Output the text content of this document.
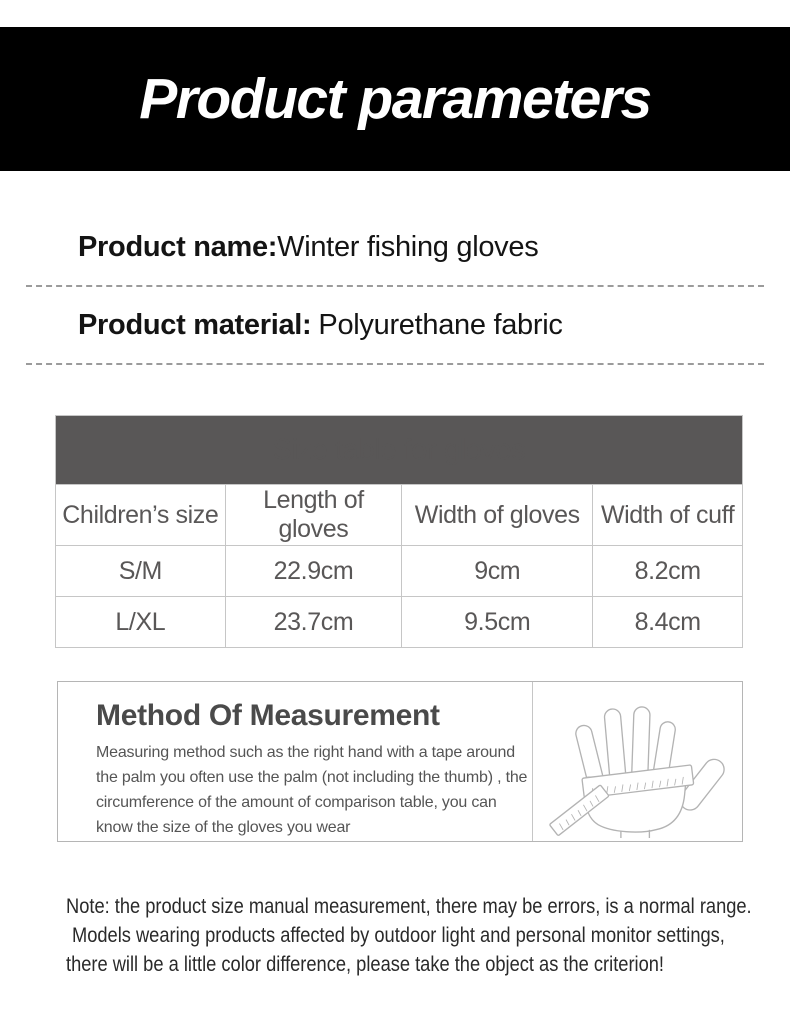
Product parameters
Product name:Winter fishing gloves
Product material: Polyurethane fabric
Size table for gloves			
Children’s size	Length of gloves	Width of gloves	Width of cuff
S/M	22.9cm	9cm	8.2cm
L/XL	23.7cm	9.5cm	8.4cm
Method Of Measurement
Measuring method such as the right hand with a tape around
the palm you often use the palm (not including the thumb) , the
circumference of the amount of comparison table, you can
know the size of the gloves you wear
Note: the product size manual measurement, there may be errors, is a normal range.
Models wearing products affected by outdoor light and personal monitor settings,
there will be a little color difference, please take the object as the criterion!
